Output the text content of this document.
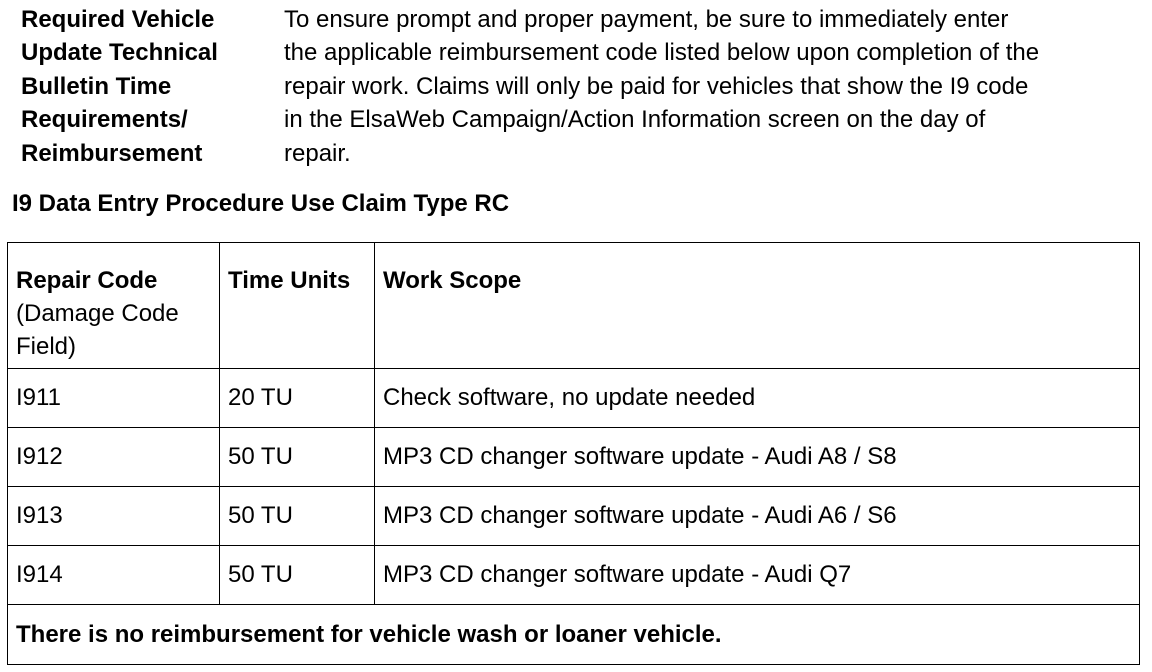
Required Vehicle
Update Technical
Bulletin Time
Requirements/
Reimbursement
To ensure prompt and proper payment, be sure to immediately enter
the applicable reimbursement code listed below upon completion of the
repair work. Claims will only be paid for vehicles that show the I9 code
in the ElsaWeb Campaign/Action Information screen on the day of
repair.
I9 Data Entry Procedure Use Claim Type RC
Repair Code
(Damage Code
Field)	Time Units	Work Scope
I911	20 TU	Check software, no update needed
I912	50 TU	MP3 CD changer software update - Audi A8 / S8
I913	50 TU	MP3 CD changer software update - Audi A6 / S6
I914	50 TU	MP3 CD changer software update - Audi Q7
There is no reimbursement for vehicle wash or loaner vehicle.		
